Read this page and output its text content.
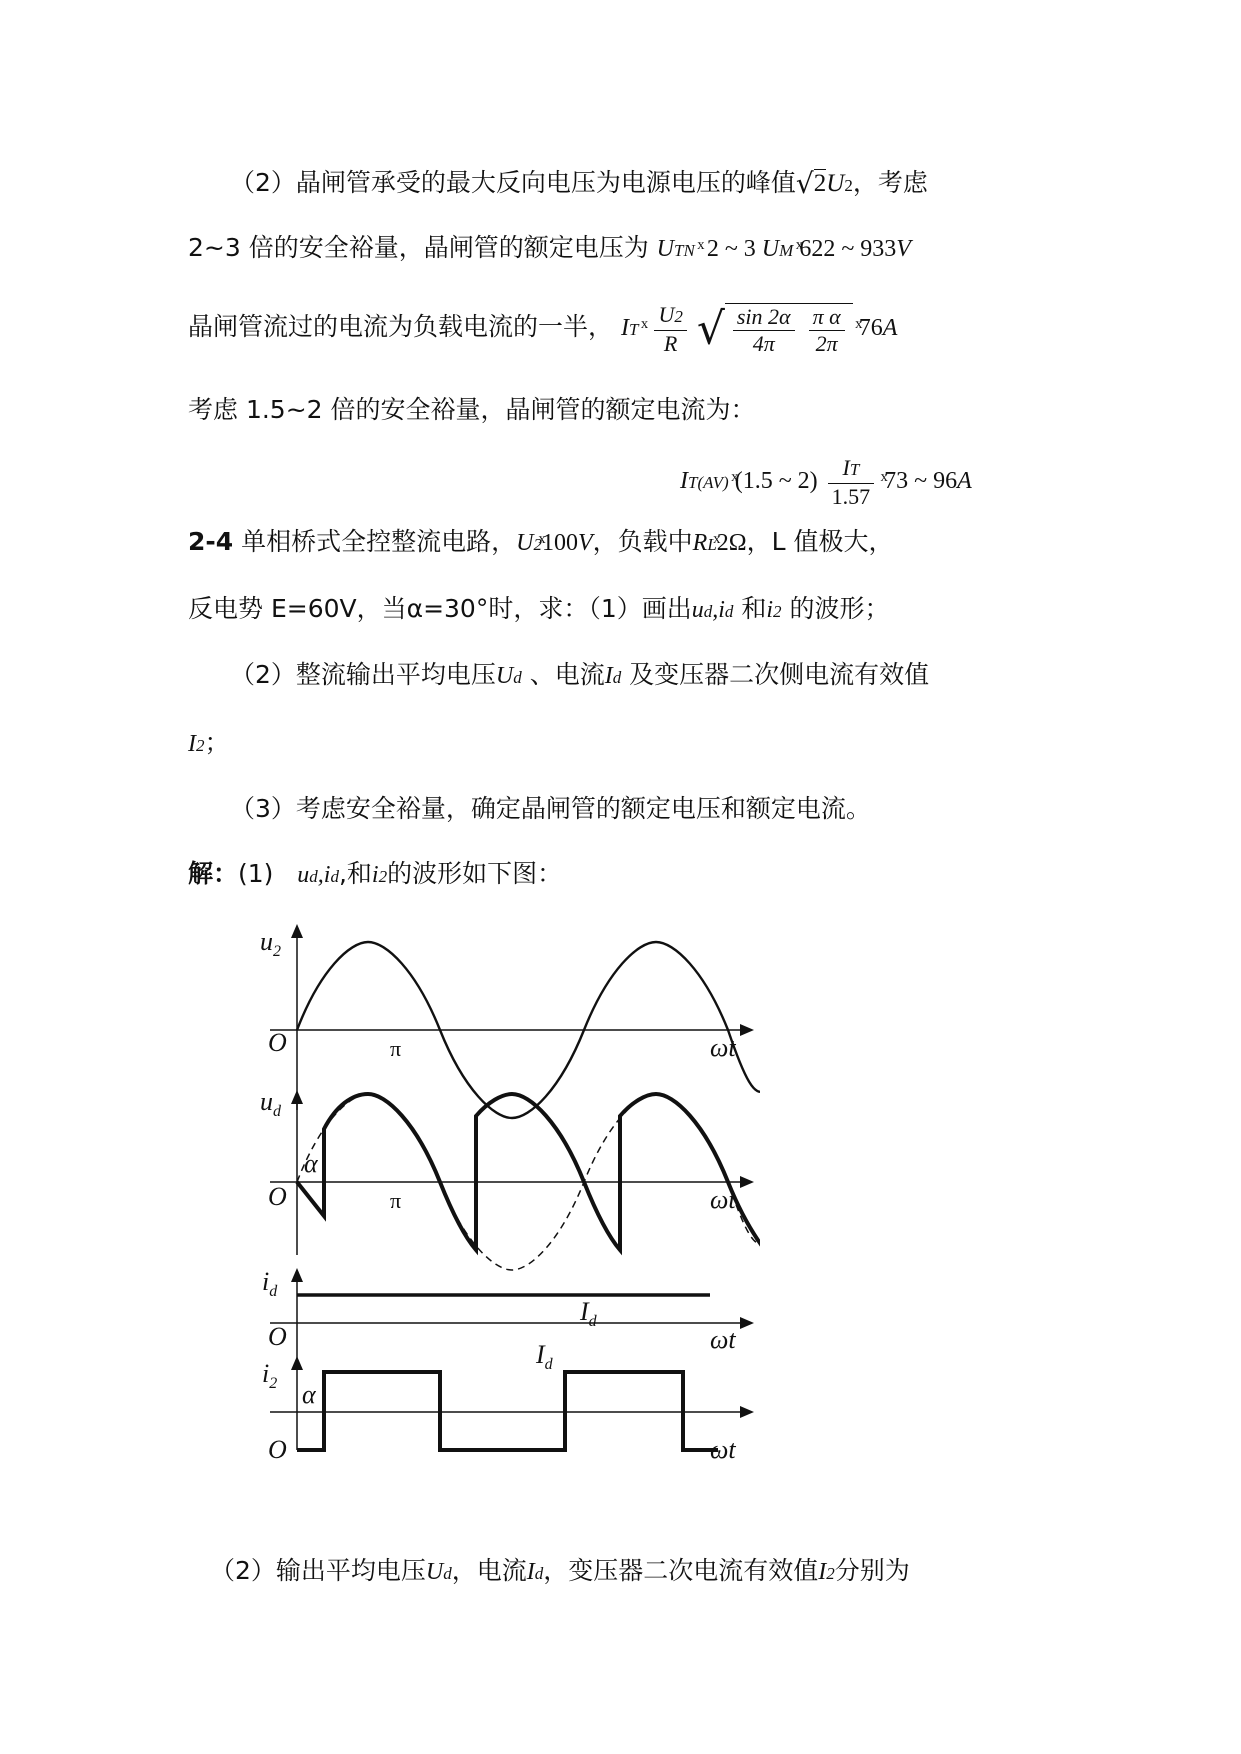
（2）晶闸管承受的最大反向电压为电源电压的峰值√2U2，考虑
2~3 倍的安全裕量，晶闸管的额定电压为 UTN ͯ 2 ~ 3 UM ͯ622 ~ 933V
晶闸管流过的电流为负载电流的一半， IT $\frac{U2}{R}$ √ $\frac{\sin 2\alpha}{4\pi}$
$\frac{\text{π α}}{2\pi}$ ͯ76A
考虑 1.5~2 倍的安全裕量，晶闸管的额定电流为：
IT(AV) ͯ(1.5 ~ $2) \frac{IT}{1.57}$ ͯ73 ~ 96A
2-4 单相桥式全控整流电路，U2ͯ100V，负载中RLͯ2Ω，L 值极大，
反电势 E=60V，当α=30°时，求：（1）画出ud,id 和i2 的波形；
（2）整流输出平均电压Ud 、电流Id 及变压器二次侧电流有效值
I2；
（3）考虑安全裕量，确定晶闸管的额定电压和额定电流。
解：(1) ud,id,和i2的波形如下图：
$u_2$
O	ωt
π
$u_d$
α
O	ωt
π
$i_d$
$I_d$
O	ωt
$i_2$ α
$I_d$
O	ωt
（2）输出平均电压Ud，电流Id，变压器二次电流有效值I2分别为
